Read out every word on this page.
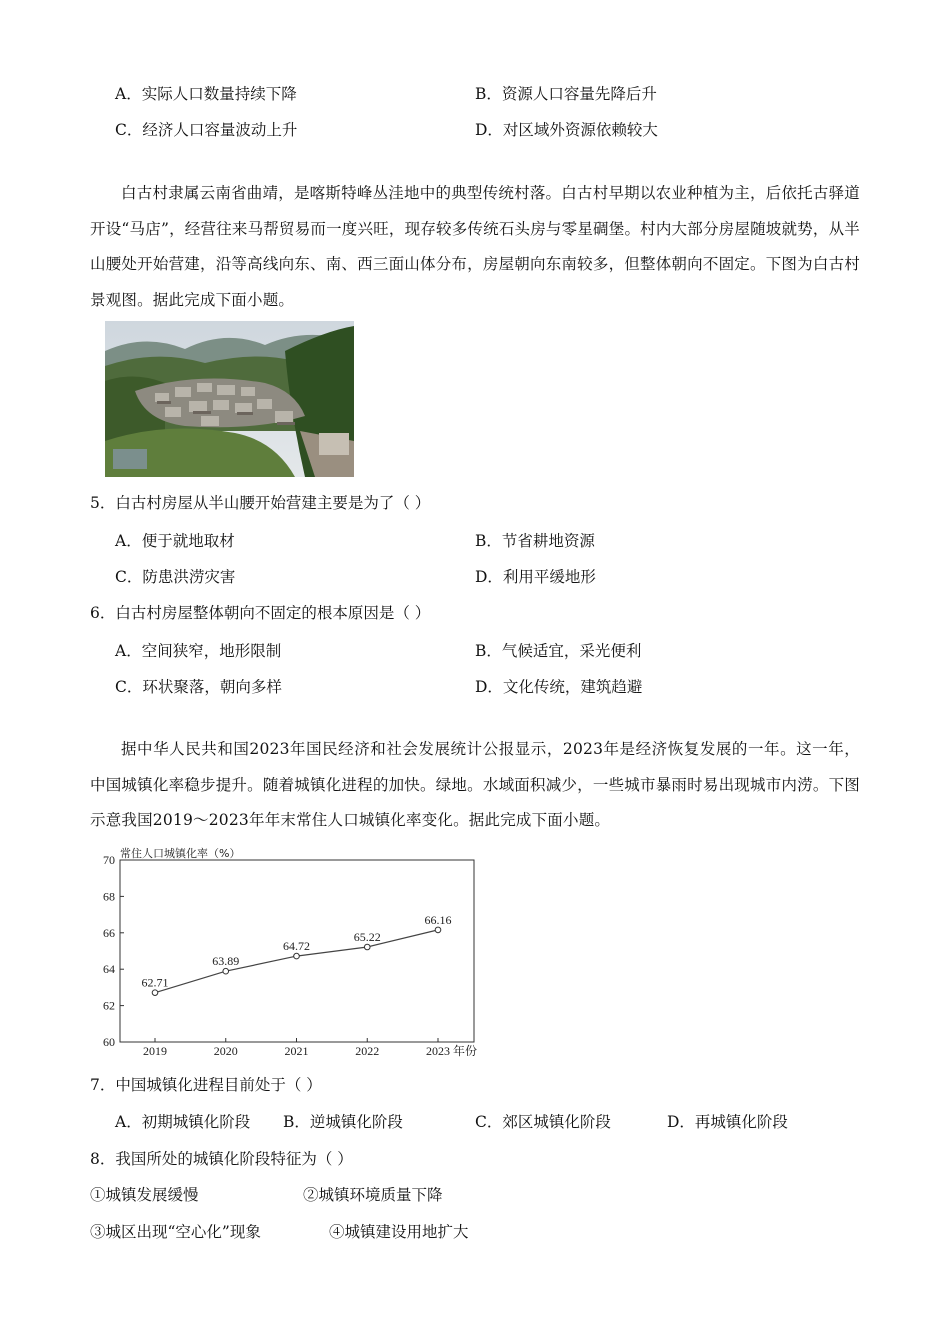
A．实际人口数量持续下降	B．资源人口容量先降后升
C．经济人口容量波动上升	D．对区域外资源依赖较大
白古村隶属云南省曲靖，是喀斯特峰丛洼地中的典型传统村落。白古村早期以农业种植为主，后依托古驿道开设“马店”，经营往来马帮贸易而一度兴旺，现存较多传统石头房与零星碉堡。村内大部分房屋随坡就势，从半山腰处开始营建，沿等高线向东、南、西三面山体分布，房屋朝向东南较多，但整体朝向不固定。下图为白古村景观图。据此完成下面小题。
5．白古村房屋从半山腰开始营建主要是为了（ ）
A．便于就地取材	B．节省耕地资源
C．防患洪涝灾害	D．利用平缓地形
6．白古村房屋整体朝向不固定的根本原因是（ ）
A．空间狭窄，地形限制	B．气候适宜，采光便利
C．环状聚落，朝向多样	D．文化传统，建筑趋避
据中华人民共和国2023年国民经济和社会发展统计公报显示，2023年是经济恢复发展的一年。这一年，中国城镇化率稳步提升。随着城镇化进程的加快。绿地。水域面积减少，一些城市暴雨时易出现城市内涝。下图示意我国2019～2023年年末常住人口城镇化率变化。据此完成下面小题。
常住人口城镇化率（%）
60
62
64
66
68
70
2019	2020	2021	2022	2023 年份
62.71
63.89
64.72
65.22
66.16
7．中国城镇化进程目前处于（ ）
A．初期城镇化阶段 B．逆城镇化阶段	C．郊区城镇化阶段	D．再城镇化阶段
8．我国所处的城镇化阶段特征为（ ）
①城镇发展缓慢	②城镇环境质量下降
③城区出现“空心化”现象	④城镇建设用地扩大
